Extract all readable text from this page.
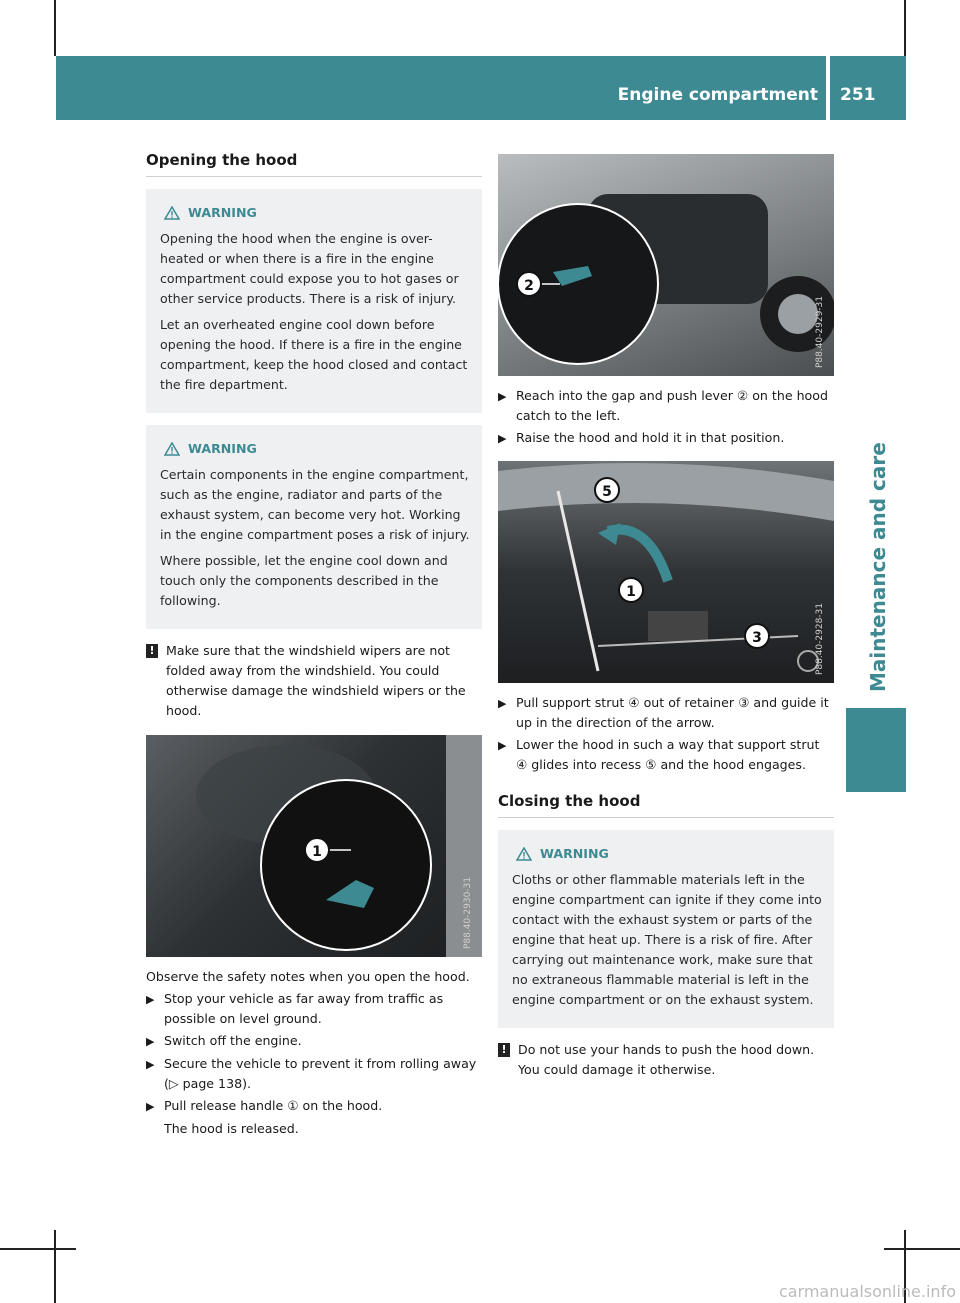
Engine compartment 251
Maintenance and care
Opening the hood
WARNING

Opening the hood when the engine is over-heated or when there is a fire in the engine compartment could expose you to hot gases or other service products. There is a risk of injury.

Let an overheated engine cool down before opening the hood. If there is a fire in the engine compartment, keep the hood closed and contact the fire department.

WARNING

Certain components in the engine compartment, such as the engine, radiator and parts of the exhaust system, can become very hot. Working in the engine compartment poses a risk of injury.

Where possible, let the engine cool down and touch only the components described in the following.

! Make sure that the windshield wipers are not folded away from the windshield. You could otherwise damage the windshield wipers or the hood.
1
P88.40-2930-31
Observe the safety notes when you open the hood.
▶ Stop your vehicle as far away from traffic as possible on level ground.
▶ Switch off the engine.
▶ Secure the vehicle to prevent it from rolling away (▷ page 138).
▶ Pull release handle ① on the hood.
The hood is released.
2
P88.40-2929-31
▶ Reach into the gap and push lever ② on the hood catch to the left.
▶ Raise the hood and hold it in that position.
5
1
3	P88.40-2928-31
▶ Pull support strut ④ out of retainer ③ and guide it up in the direction of the arrow.
▶ Lower the hood in such a way that support strut ④ glides into recess ⑤ and the hood engages.
Closing the hood
WARNING

Cloths or other flammable materials left in the engine compartment can ignite if they come into contact with the exhaust system or parts of the engine that heat up. There is a risk of fire. After carrying out maintenance work, make sure that no extraneous flammable material is left in the engine compartment or on the exhaust system.

! Do not use your hands to push the hood down. You could damage it otherwise.
carmanualsonline.info
